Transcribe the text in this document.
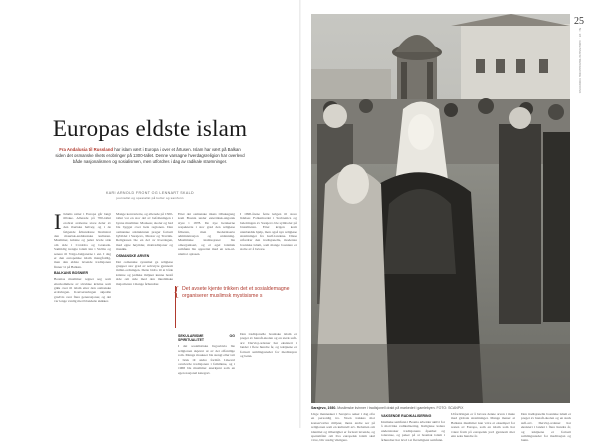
Europas eldste islam
Fra Andalusia til Russland har islam vært i Europa i over et årtusen. Islam har vært på Balkan siden det osmanske rikets erobringer på 1300-tallet. Denne varsagne hverdagsreligion har overlevd både nasjonalismen og sosialismen, men utfordres i dag av radikale strømninger.
KARI ARNOLD FRONT OG LENNART SKALD
journalist og spesialist på kultur og samfunn
I Islams røtter i Europa går langt tilbake. Allerede på 700-tallet erobret araberne store deler av den iberiske halvøy, og i de følgende århundrene blomstret den maurisk-andalusiske kulturen. Muslimer, kristne og jøder levde side om side i Córdoba og Granada. Samtidig trengte islam inn i Sicilia og senere til Volga-bulgarerne i øst. I dag er den europeiske islam mangfoldig, men den eldste levende tradisjonen finner vi på Balkan.

BALKANS BOSNIER

Bosnias muslimer regner seg som etterkommere av slaviske kristne som gikk over til islam etter den osmanske erobringen. Konverteringen skjedde gradvis over flere generasjoner, og det var lenge vanlig med blandede skikker.

Mange konverterte, og allerede på 1500-tallet var en stor del av befolkningen i byene muslimer. Moskeer, skoler og bad ble bygget over hele regionen. Den osmanske arkitekturen preger fortsatt bybildet i Sarajevo, Mostar og Travnik. Religionen ble en del av hverdagen, med egne høytider, mattradisjoner og musikk.

OSMANSKE ARVEN

Det osmanske systemet ga religiøse grupper stor grad av selvstyre gjennom millet-ordningen. Dette bidro til at både kristne og jødiske miljøer kunne bestå side om side med den muslimske majoriteten i mange århundrer.

Etter det osmanske rikets tilbakegang kom Bosnia under østerriksk-ungarsk styre i 1878. De nye herskerne respekterte i stor grad den religiøse friheten, men moderniserte administrasjon og utdanning. Muslimske institusjoner ble omorganisert, og et eget islamsk samfunn ble opprettet med en reis-ul-ulema i spissen.

I 1990-årene førte krigen til store lidelser. Folkemordet i Srebrenica og beleiringen av Sarajevo ble symboler på brutaliteten. Etter krigen kom utenlandsk hjelp, men også nye religiøse strømninger fra Gulf-landene. Disse utfordrer den tradisjonelle, moderate bosniske islam, som mange bosniere er stolte av å bevare.

{ Det avsete kjente trikken det et sosialdemagne organiserer muslimsk mystisisme s

SEKULARISME OG SPIRITUALITET

I det sosialistiske Jugoslavia ble religionen skjøvet ut av det offentlige rom. Mange moskeer ble stengt eller tatt i bruk til andre formål. Likevel overlevde tradisjonen i familiene, og i 1968 ble muslimer anerkjent som en egen nasjonal kategori.

Den tradisjonelle bosniske islam er preget av hanafi-skolen og en sterk sufi-arv. Dervisj-ordener har eksistert i landet i flere hundre år, og tekijaene er fortsatt samlingssteder for meditasjon og bønn.

25
Nr. 18 · GRENSESPRENGENDE NORDISK
Sarajevo, 1930. Muslimske kvinner i tradisjonell drakt på markedet i gamlebyen. FOTO: SCANPIX

Unge mennesker i Sarajevo søker i dag ofte en personlig tro. Noen trekkes mot konservative miljøer, mens andre ser på religionen som en kulturell arv. Debatten om identitet og tilhørighet er fortsatt levende, og spørsmålet om hva europeisk islam skal være, blir stadig viktigere.

VAKSENDE RADIKALISERING

Islamske samfunn i Bosnia arbeider aktivt for å motvirke radikalisering. Religiøse ledere understreker tradisjonens åpenhet og toleranse, og peker på at bosnisk islam i århundrer har levd i et flerreligiøst samfunn.

Utfordringen er å bevare denne arven i møte med globale strømninger. Mange mener at Balkans muslimer kan være et eksempel for resten av Europa, som en islam som har vokst fram på europeisk jord gjennom mer enn seks hundre år.

Den tradisjonelle bosniske islam er preget av hanafi-skolen og en sterk sufi-arv. Dervisj-ordener har eksistert i landet i flere hundre år, og tekijaene er fortsatt samlingssteder for meditasjon og bønn.
